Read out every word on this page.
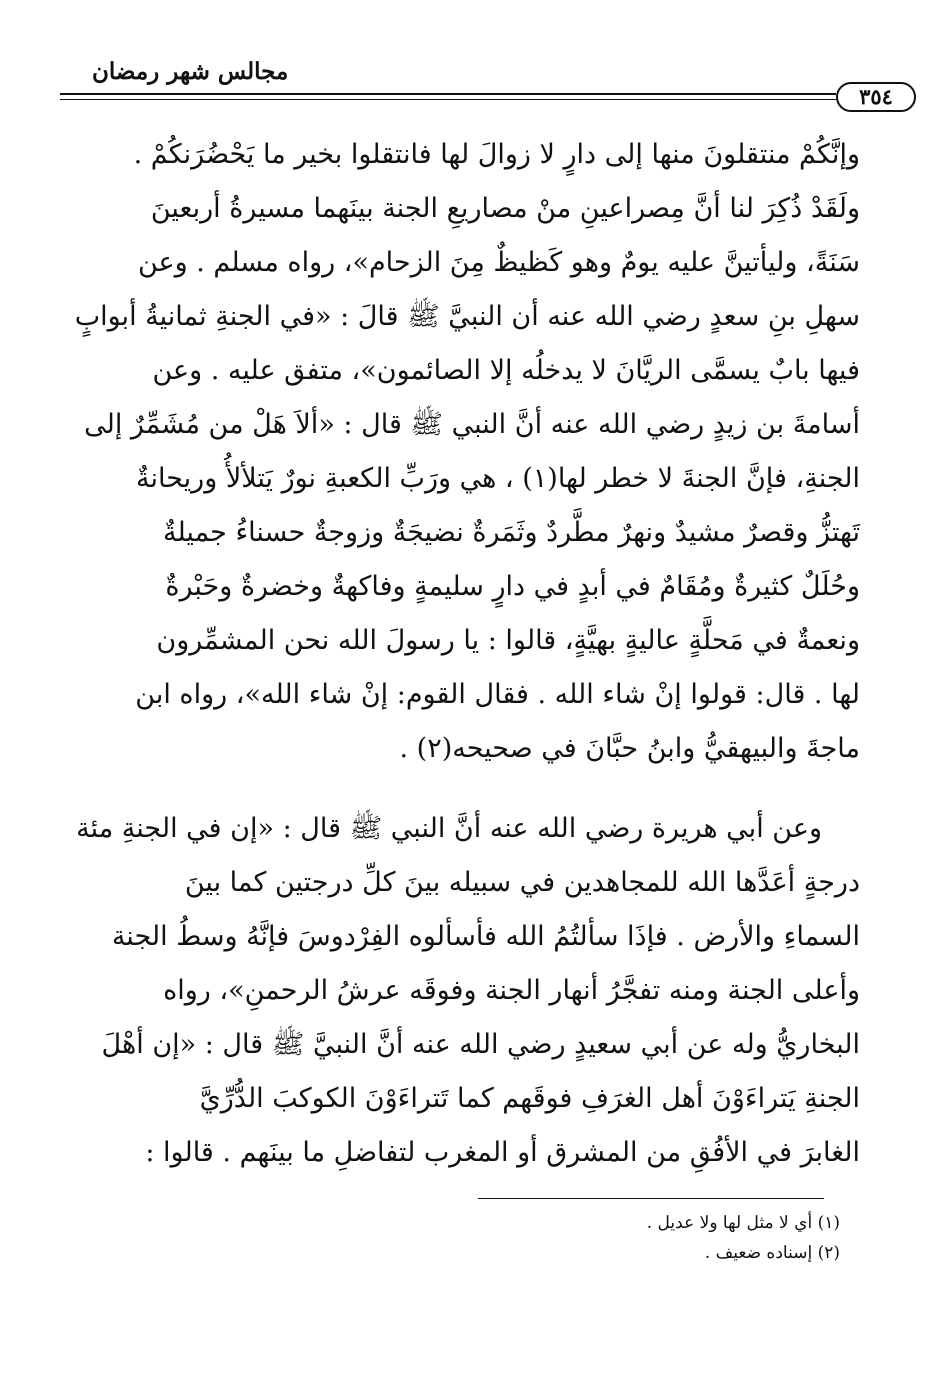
مجالس شهر رمضان
٣٥٤
وإنَّكُمْ منتقلونَ منها إلى دارٍ لا زوالَ لها فانتقلوا بخير ما يَحْضُرَنكُمْ .
ولَقَدْ ذُكِرَ لنا أنَّ مِصراعينِ منْ مصاريعِ الجنة بينَهما مسيرةُ أربعينَ
سَنَةً، وليأتينَّ عليه يومٌ وهو كَظيظٌ مِنَ الزحام»، رواه مسلم . وعن
سهلِ بنِ سعدٍ رضي الله عنه أن النبيَّ ﷺ قالَ : «في الجنةِ ثمانيةُ أبوابٍ
فيها بابٌ يسمَّى الريَّانَ لا يدخلُه إلا الصائمون»، متفق عليه . وعن
أسامةَ بن زيدٍ رضي الله عنه أنَّ النبي ﷺ قال : «ألاَ هَلْ من مُشَمِّرٌ إلى
الجنةِ، فإنَّ الجنةَ لا خطر لها(١) ، هي ورَبِّ الكعبةِ نورٌ يَتلألأُ وريحانةٌ
تَهتزُّ وقصرٌ مشيدٌ ونهرٌ مطَّردٌ وثَمَرةٌ نضيجَةٌ وزوجةٌ حسناءُ جميلةٌ
وحُلَلٌ كثيرةٌ ومُقَامٌ في أبدٍ في دارٍ سليمةٍ وفاكهةٌ وخضرةٌ وحَبْرةٌ
ونعمةٌ في مَحلَّةٍ عاليةٍ بهيَّةٍ، قالوا : يا رسولَ الله نحن المشمِّرون
لها . قال: قولوا إنْ شاء الله . فقال القوم: إنْ شاء الله»، رواه ابن
ماجةَ والبيهقيُّ وابنُ حبَّانَ في صحيحه(٢) .
وعن أبي هريرة رضي الله عنه أنَّ النبي ﷺ قال : «إن في الجنةِ مئة
درجةٍ أعَدَّها الله للمجاهدين في سبيله بينَ كلِّ درجتين كما بينَ
السماءِ والأرض . فإذَا سألتُمُ الله فأسألوه الفِرْدوسَ فإنَّهُ وسطُ الجنة
وأعلى الجنة ومنه تفجَّرُ أنهار الجنة وفوقَه عرشُ الرحمنِ»، رواه
البخاريُّ وله عن أبي سعيدٍ رضي الله عنه أنَّ النبيَّ ﷺ قال : «إن أهْلَ
الجنةِ يَتراءَوْنَ أهل الغرَفِ فوقَهم كما تَتراءَوْنَ الكوكبَ الدُّرِّيَّ
الغابرَ في الأفُقِ من المشرق أو المغرب لتفاضلِ ما بينَهم . قالوا :
(١) أي لا مثل لها ولا عديل .
(٢) إسناده ضعيف .
